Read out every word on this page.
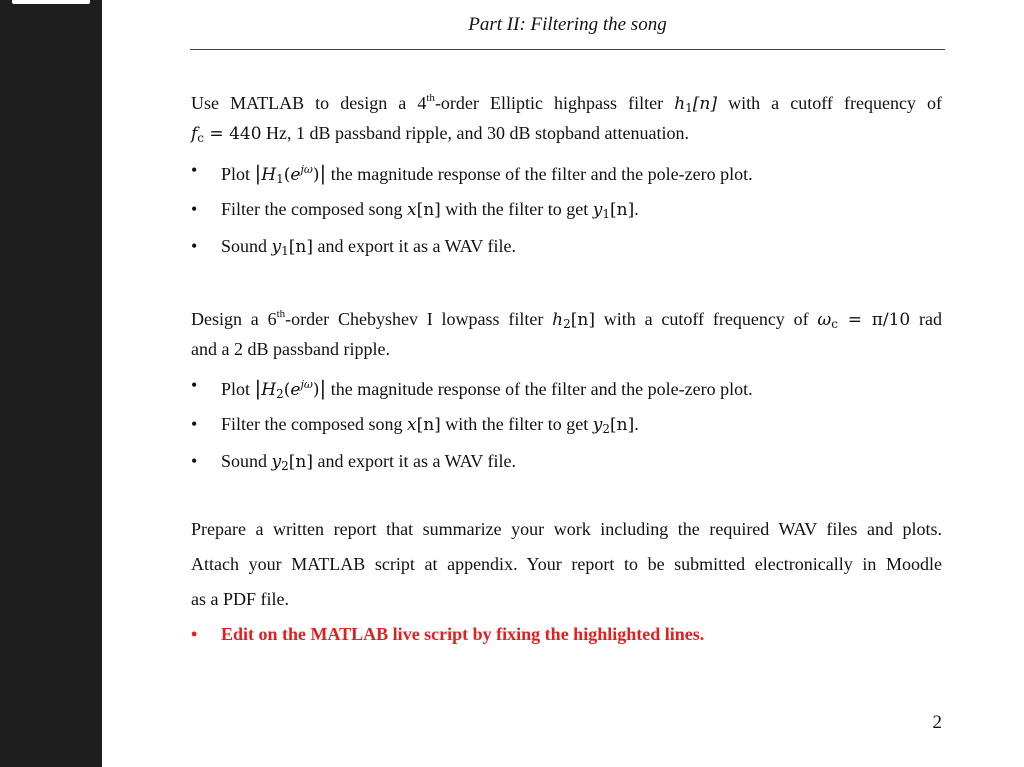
Part II: Filtering the song
Use MATLAB to design a 4th-order Elliptic highpass filter $h_1[n]$ with a cutoff frequency of
$f_c = 440$ Hz, 1 dB passband ripple, and 30 dB stopband attenuation.
• Plot $|H_1(e^{j\omega})|$ the magnitude response of the filter and the pole-zero plot.
• Filter the composed song x[n] with the filter to get $y_1[n]$.
• Sound $y_1[n]$ and export it as a WAV file.
Design a 6th-order Chebyshev I lowpass filter $h_2[n]$ with a cutoff frequency of $\omega_c = \pi/10$ rad
and a 2 dB passband ripple.
• Plot $|H_2(e^{j\omega})|$ the magnitude response of the filter and the pole-zero plot.
• Filter the composed song x[n] with the filter to get $y_2[n]$.
• Sound $y_2[n]$ and export it as a WAV file.
Prepare a written report that summarize your work including the required WAV files and plots.
Attach your MATLAB script at appendix. Your report to be submitted electronically in Moodle
as a PDF file.
• Edit on the MATLAB live script by fixing the highlighted lines.
2
